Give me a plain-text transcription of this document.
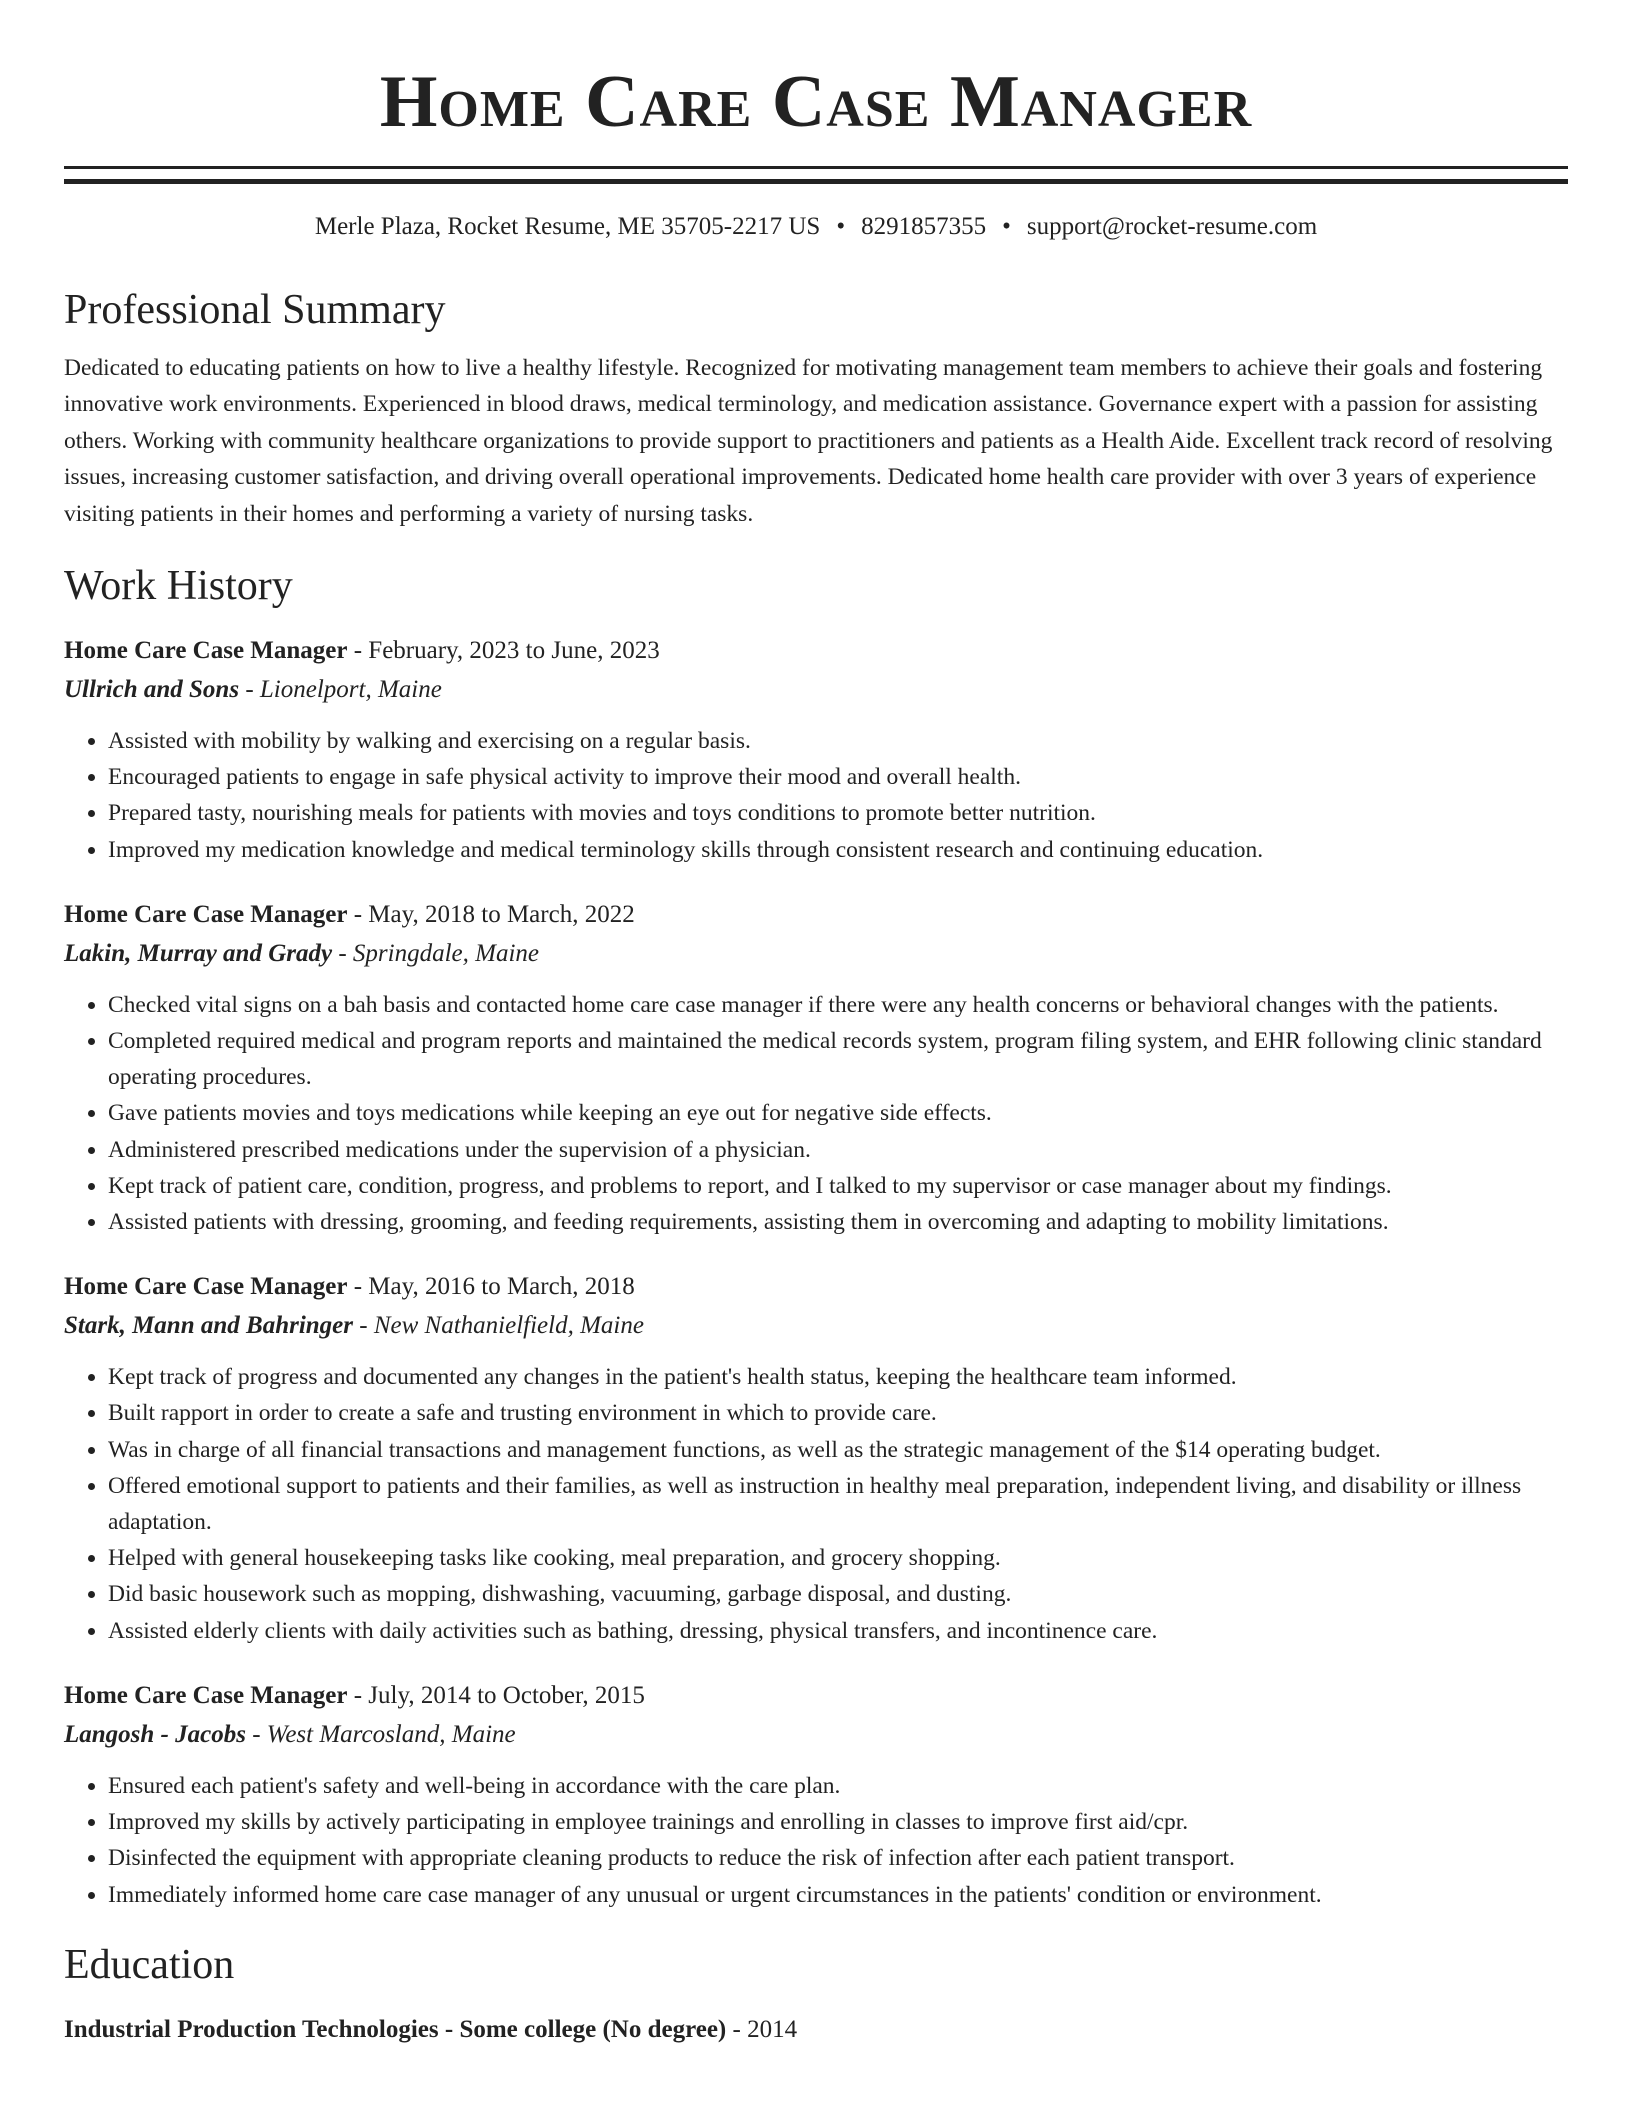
Home Care Case Manager
Merle Plaza, Rocket Resume, ME 35705-2217 US • 8291857355 • support@rocket-resume.com
Professional Summary

Dedicated to educating patients on how to live a healthy lifestyle. Recognized for motivating management team members to achieve their goals and fostering innovative work environments. Experienced in blood draws, medical terminology, and medication assistance. Governance expert with a passion for assisting others. Working with community healthcare organizations to provide support to practitioners and patients as a Health Aide. Excellent track record of resolving issues, increasing customer satisfaction, and driving overall operational improvements. Dedicated home health care provider with over 3 years of experience visiting patients in their homes and performing a variety of nursing tasks.

Work History
Home Care Case Manager - February, 2023 to June, 2023
Ullrich and Sons - Lionelport, Maine
• Assisted with mobility by walking and exercising on a regular basis.
• Encouraged patients to engage in safe physical activity to improve their mood and overall health.
• Prepared tasty, nourishing meals for patients with movies and toys conditions to promote better nutrition.
• Improved my medication knowledge and medical terminology skills through consistent research and continuing education.
Home Care Case Manager - May, 2018 to March, 2022
Lakin, Murray and Grady - Springdale, Maine
• Checked vital signs on a bah basis and contacted home care case manager if there were any health concerns or behavioral changes with the patients.
• Completed required medical and program reports and maintained the medical records system, program filing system, and EHR following clinic standard operating procedures.
• Gave patients movies and toys medications while keeping an eye out for negative side effects.
• Administered prescribed medications under the supervision of a physician.
• Kept track of patient care, condition, progress, and problems to report, and I talked to my supervisor or case manager about my findings.
• Assisted patients with dressing, grooming, and feeding requirements, assisting them in overcoming and adapting to mobility limitations.
Home Care Case Manager - May, 2016 to March, 2018
Stark, Mann and Bahringer - New Nathanielfield, Maine
• Kept track of progress and documented any changes in the patient's health status, keeping the healthcare team informed.
• Built rapport in order to create a safe and trusting environment in which to provide care.
• Was in charge of all financial transactions and management functions, as well as the strategic management of the $14 operating budget.
• Offered emotional support to patients and their families, as well as instruction in healthy meal preparation, independent living, and disability or illness adaptation.
• Helped with general housekeeping tasks like cooking, meal preparation, and grocery shopping.
• Did basic housework such as mopping, dishwashing, vacuuming, garbage disposal, and dusting.
• Assisted elderly clients with daily activities such as bathing, dressing, physical transfers, and incontinence care.
Home Care Case Manager - July, 2014 to October, 2015
Langosh - Jacobs - West Marcosland, Maine
• Ensured each patient's safety and well-being in accordance with the care plan.
• Improved my skills by actively participating in employee trainings and enrolling in classes to improve first aid/cpr.
• Disinfected the equipment with appropriate cleaning products to reduce the risk of infection after each patient transport.
• Immediately informed home care case manager of any unusual or urgent circumstances in the patients' condition or environment.
Education
Industrial Production Technologies - Some college (No degree) - 2014
